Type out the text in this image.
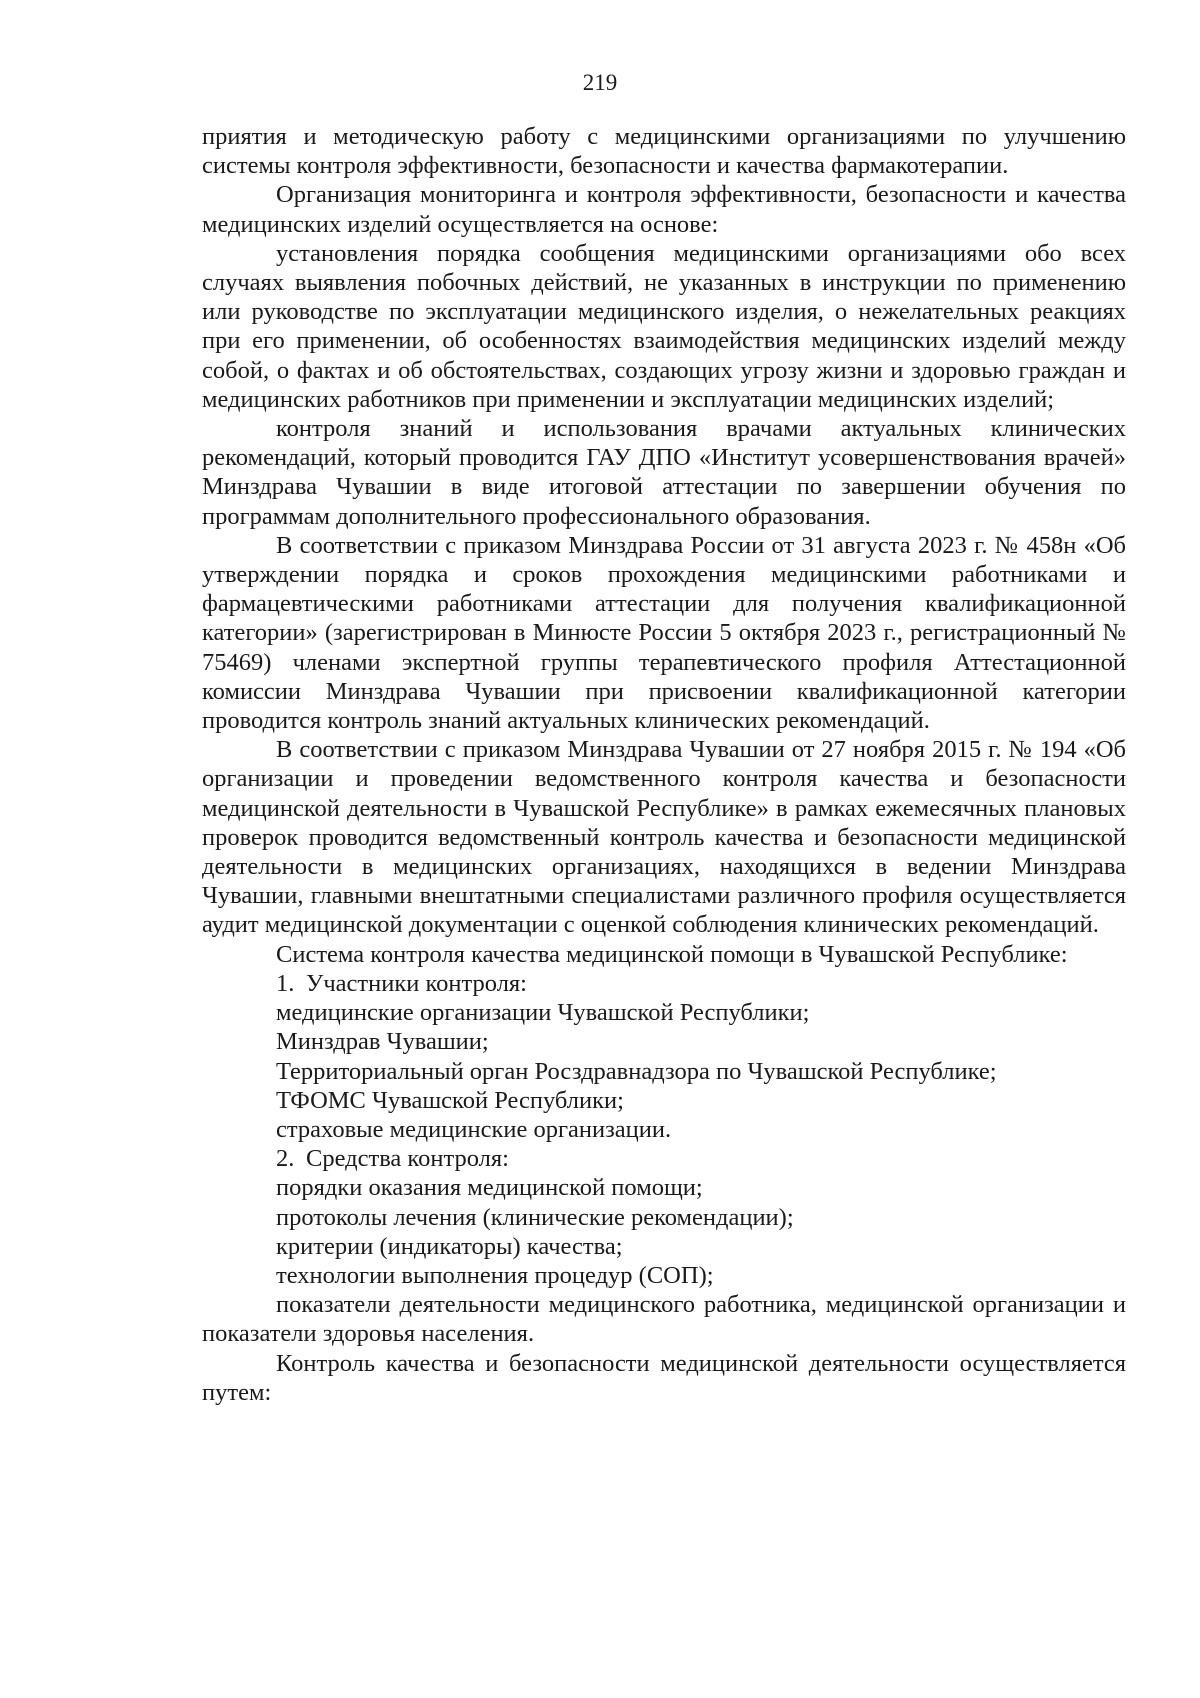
219

приятия и методическую работу с медицинскими организациями по улучшению системы контроля эффективности, безопасности и качества фармакотерапии.

Организация мониторинга и контроля эффективности, безопасности и качества медицинских изделий осуществляется на основе:

установления порядка сообщения медицинскими организациями обо всех случаях выявления побочных действий, не указанных в инструкции по применению или руководстве по эксплуатации медицинского изделия, о нежелательных реакциях при его применении, об особенностях взаимодействия медицинских изделий между собой, о фактах и об обстоятельствах, создающих угрозу жизни и здоровью граждан и медицинских работников при применении и эксплуатации медицинских изделий;

контроля знаний и использования врачами актуальных клинических рекомендаций, который проводится ГАУ ДПО «Институт усовершенствования врачей» Минздрава Чувашии в виде итоговой аттестации по завершении обучения по программам дополнительного профессионального образования.

В соответствии с приказом Минздрава России от 31 августа 2023 г. № 458н «Об утверждении порядка и сроков прохождения медицинскими работниками и фармацевтическими работниками аттестации для получения квалификационной категории» (зарегистрирован в Минюсте России 5 октября 2023 г., регистрационный № 75469) членами экспертной группы терапевтического профиля Аттестационной комиссии Минздрава Чувашии при присвоении квалификационной категории проводится контроль знаний актуальных клинических рекомендаций.

В соответствии с приказом Минздрава Чувашии от 27 ноября 2015 г. № 194 «Об организации и проведении ведомственного контроля качества и безопасности медицинской деятельности в Чувашской Республике» в рамках ежемесячных плановых проверок проводится ведомственный контроль качества и безопасности медицинской деятельности в медицинских организациях, находящихся в ведении Минздрава Чувашии, главными внештатными специалистами различного профиля осуществляется аудит медицинской документации с оценкой соблюдения клинических рекомендаций.

Система контроля качества медицинской помощи в Чувашской Республике:

1. Участники контроля:
медицинские организации Чувашской Республики;
Минздрав Чувашии;
Территориальный орган Росздравнадзора по Чувашской Республике;
ТФОМС Чувашской Республики;
страховые медицинские организации.
2. Средства контроля:
порядки оказания медицинской помощи;
протоколы лечения (клинические рекомендации);
критерии (индикаторы) качества;
технологии выполнения процедур (СОП);

показатели деятельности медицинского работника, медицинской организации и показатели здоровья населения.

Контроль качества и безопасности медицинской деятельности осуществляется путем:
